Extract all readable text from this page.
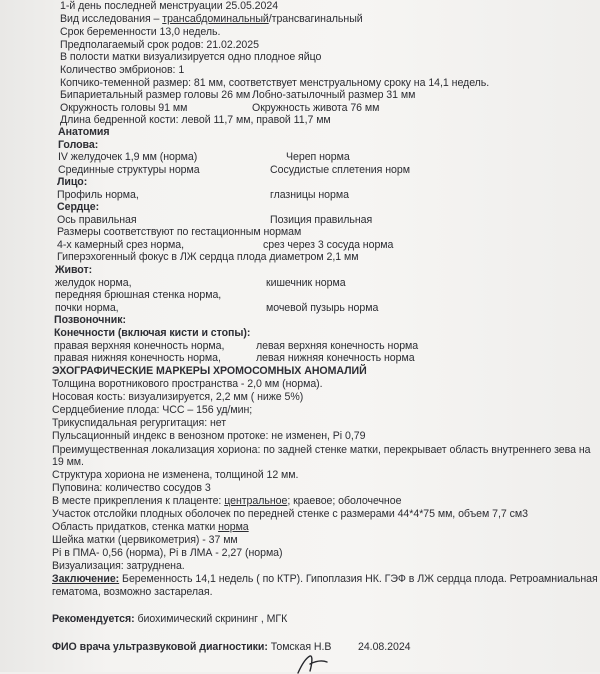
1-й день последней менструации 25.05.2024
Вид исследования – трансабдоминальный/трансвагинальный
Срок беременности 13,0 недель.
Предполагаемый срок родов: 21.02.2025
В полости матки визуализируется одно плодное яйцо
Количество эмбрионов: 1
Копчико-теменной размер: 81 мм, соответствует менструальному сроку на 14,1 недель.
Бипариетальный размер головы 26 мм Лобно-затылочный размер 31 мм
Окружность головы 91 мм	Окружность живота 76 мм
Длина бедренной кости: левой 11,7 мм, правой 11,7 мм
Анатомия
Голова:
IV желудочек 1,9 мм (норма)	Череп норма
Срединные структуры норма	Сосудистые сплетения норм
Лицо:
Профиль норма,	глазницы норма
Сердце:
Ось правильная	Позиция правильная
Размеры соответствуют по гестационным нормам
4-х камерный срез норма,	срез через 3 сосуда норма
Гиперэхогенный фокус в ЛЖ сердца плода диаметром 2,1 мм
Живот:
желудок норма,	кишечник норма
передняя брюшная стенка норма,
почки норма,	мочевой пузырь норма
Позвоночник:
Конечности (включая кисти и стопы):
правая верхняя конечность норма,	левая верхняя конечность норма
правая нижняя конечность норма,	левая нижняя конечность норма
ЭХОГРАФИЧЕСКИЕ МАРКЕРЫ ХРОМОСОМНЫХ АНОМАЛИЙ
Толщина воротникового пространства - 2,0 мм (норма).
Носовая кость: визуализируется, 2,2 мм ( ниже 5%)
Сердцебиение плода: ЧСС – 156 уд/мин;
Трикуспидальная регургитация: нет
Пульсационный индекс в венозном протоке: не изменен, Pi 0,79
Преимущественная локализация хориона: по задней стенке матки, перекрывает область внутреннего зева на
19 мм.
Структура хориона не изменена, толщиной 12 мм.
Пуповина: количество сосудов 3
В месте прикрепления к плаценте: центральное; краевое; оболочечное
Участок отслойки плодных оболочек по передней стенке с размерами 44*4*75 мм, объем 7,7 см3
Область придатков, стенка матки норма
Шейка матки (цервикометрия) - 37 мм
Pi в ПМА- 0,56 (норма), Pi в ЛМА - 2,27 (норма)
Визуализация: затруднена.
Заключение: Беременность 14,1 недель ( по КТР). Гипоплазия НК. ГЭФ в ЛЖ сердца плода. Ретроамниальная
гематома, возможно застарелая.
Рекомендуется: биохимический скрининг , МГК
ФИО врача ультразвуковой диагностики: Томская Н.В	24.08.2024
